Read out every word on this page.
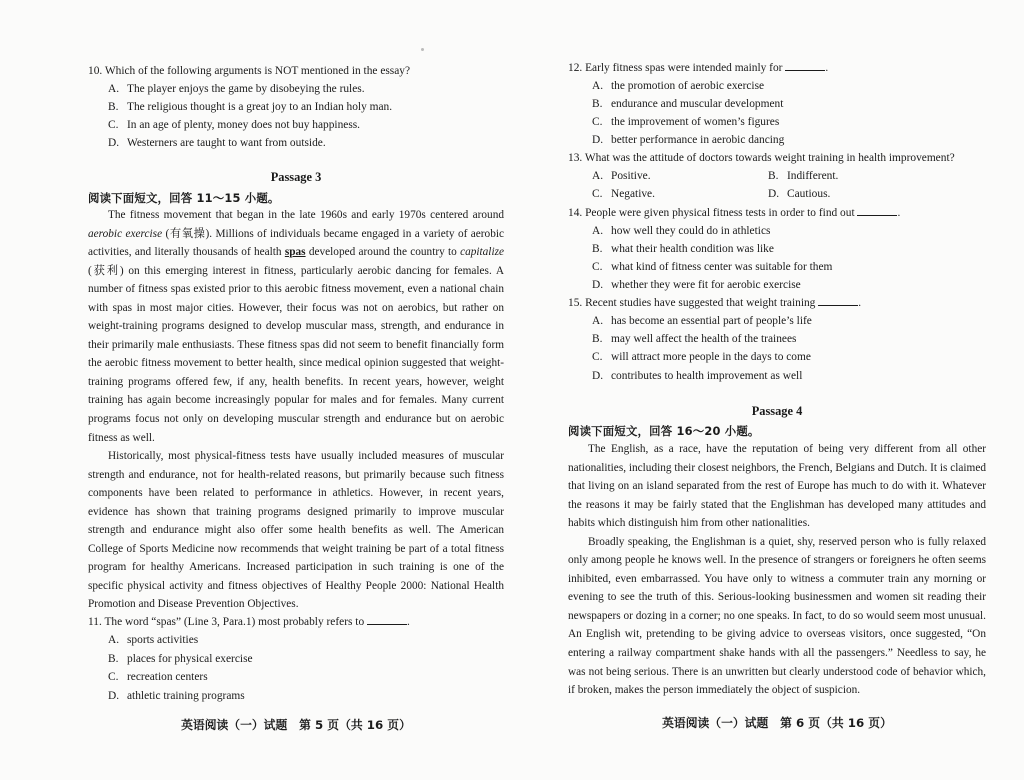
10. Which of the following arguments is NOT mentioned in the essay?
A. The player enjoys the game by disobeying the rules.
B. The religious thought is a great joy to an Indian holy man.
C. In an age of plenty, money does not buy happiness.
D. Westerners are taught to want from outside.
Passage 3
阅读下面短文，回答 11～15 小题。

The fitness movement that began in the late 1960s and early 1970s centered around aerobic exercise (有氧操). Millions of individuals became engaged in a variety of aerobic activities, and literally thousands of health spas developed around the country to capitalize (获利) on this emerging interest in fitness, particularly aerobic dancing for females. A number of fitness spas existed prior to this aerobic fitness movement, even a national chain with spas in most major cities. However, their focus was not on aerobics, but rather on weight-training programs designed to develop muscular mass, strength, and endurance in their primarily male enthusiasts. These fitness spas did not seem to benefit financially form the aerobic fitness movement to better health, since medical opinion suggested that weight-training programs offered few, if any, health benefits. In recent years, however, weight training has again become increasingly popular for males and for females. Many current programs focus not only on developing muscular strength and endurance but on aerobic fitness as well.

Historically, most physical-fitness tests have usually included measures of muscular strength and endurance, not for health-related reasons, but primarily because such fitness components have been related to performance in athletics. However, in recent years, evidence has shown that training programs designed primarily to improve muscular strength and endurance might also offer some health benefits as well. The American College of Sports Medicine now recommends that weight training be part of a total fitness program for healthy Americans. Increased participation in such training is one of the specific physical activity and fitness objectives of Healthy People 2000: National Health Promotion and Disease Prevention Objectives.

11. The word “spas” (Line 3, Para.1) most probably refers to	.
A. sports activities
B. places for physical exercise
C. recreation centers
D. athletic training programs
英语阅读（一）试题　第 5 页（共 16 页）
12. Early fitness spas were intended mainly for	.
A. the promotion of aerobic exercise
B. endurance and muscular development
C. the improvement of women’s figures
D. better performance in aerobic dancing
13. What was the attitude of doctors towards weight training in health improvement?
A. Positive.	B. Indifferent.
C. Negative.	D. Cautious.
14. People were given physical fitness tests in order to find out	.
A. how well they could do in athletics
B. what their health condition was like
C. what kind of fitness center was suitable for them
D. whether they were fit for aerobic exercise
15. Recent studies have suggested that weight training	.
A. has become an essential part of people’s life
B. may well affect the health of the trainees
C. will attract more people in the days to come
D. contributes to health improvement as well
Passage 4
阅读下面短文，回答 16～20 小题。

The English, as a race, have the reputation of being very different from all other nationalities, including their closest neighbors, the French, Belgians and Dutch. It is claimed that living on an island separated from the rest of Europe has much to do with it. Whatever the reasons it may be fairly stated that the Englishman has developed many attitudes and habits which distinguish him from other nationalities.

Broadly speaking, the Englishman is a quiet, shy, reserved person who is fully relaxed only among people he knows well. In the presence of strangers or foreigners he often seems inhibited, even embarrassed. You have only to witness a commuter train any morning or evening to see the truth of this. Serious-looking businessmen and women sit reading their newspapers or dozing in a corner; no one speaks. In fact, to do so would seem most unusual. An English wit, pretending to be giving advice to overseas visitors, once suggested, “On entering a railway compartment shake hands with all the passengers.” Needless to say, he was not being serious. There is an unwritten but clearly understood code of behavior which, if broken, makes the person immediately the object of suspicion.

英语阅读（一）试题　第 6 页（共 16 页）
